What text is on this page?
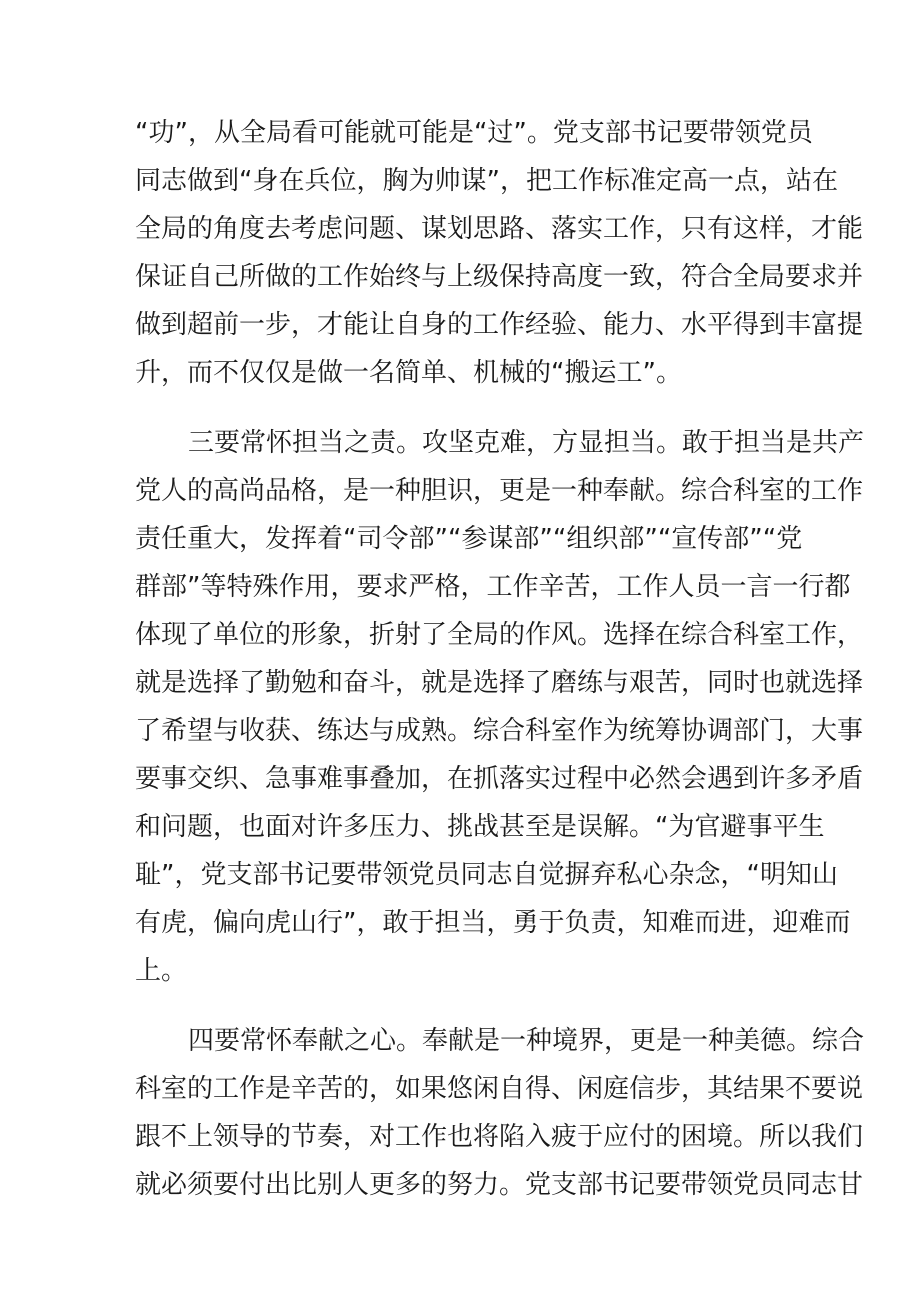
“功”，从全局看可能就可能是“过”。党支部书记要带领党员
同志做到“身在兵位，胸为帅谋”，把工作标准定高一点，站在
全局的角度去考虑问题、谋划思路、落实工作，只有这样，才能
保证自己所做的工作始终与上级保持高度一致，符合全局要求并
做到超前一步，才能让自身的工作经验、能力、水平得到丰富提
升，而不仅仅是做一名简单、机械的“搬运工”。
三要常怀担当之责。攻坚克难，方显担当。敢于担当是共产
党人的高尚品格，是一种胆识，更是一种奉献。综合科室的工作
责任重大，发挥着“司令部”“参谋部”“组织部”“宣传部”“党
群部”等特殊作用，要求严格，工作辛苦，工作人员一言一行都
体现了单位的形象，折射了全局的作风。选择在综合科室工作，
就是选择了勤勉和奋斗，就是选择了磨练与艰苦，同时也就选择
了希望与收获、练达与成熟。综合科室作为统筹协调部门，大事
要事交织、急事难事叠加，在抓落实过程中必然会遇到许多矛盾
和问题，也面对许多压力、挑战甚至是误解。“为官避事平生
耻”，党支部书记要带领党员同志自觉摒弃私心杂念，“明知山
有虎，偏向虎山行”，敢于担当，勇于负责，知难而进，迎难而
上。
四要常怀奉献之心。奉献是一种境界，更是一种美德。综合
科室的工作是辛苦的，如果悠闲自得、闲庭信步，其结果不要说
跟不上领导的节奏，对工作也将陷入疲于应付的困境。所以我们
就必须要付出比别人更多的努力。党支部书记要带领党员同志甘
